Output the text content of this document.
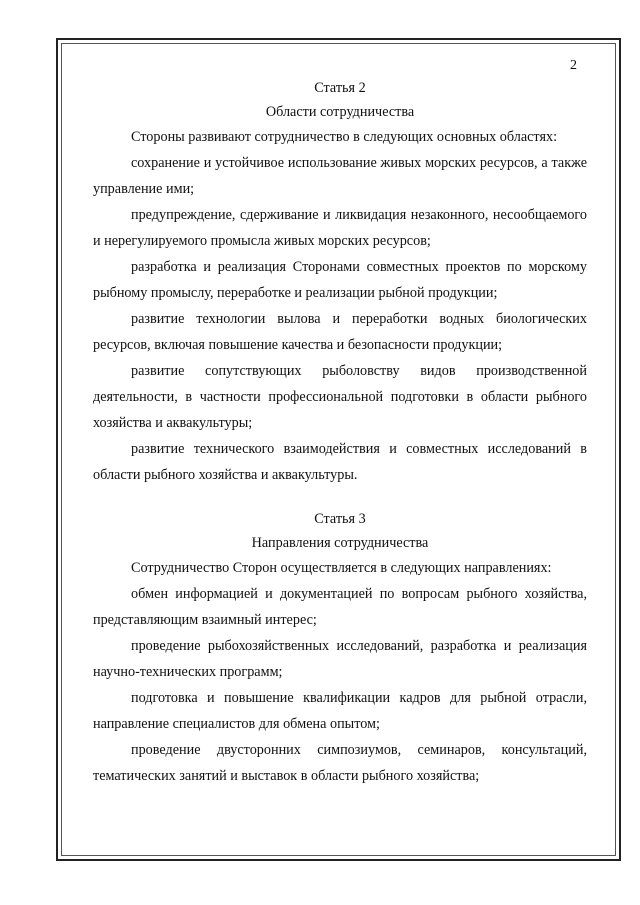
2

Статья 2

Области сотрудничества

Стороны развивают сотрудничество в следующих основных областях:

сохранение и устойчивое использование живых морских ресурсов, а также управление ими;

предупреждение, сдерживание и ликвидация незаконного, несообщаемого и нерегулируемого промысла живых морских ресурсов;

разработка и реализация Сторонами совместных проектов по морскому рыбному промыслу, переработке и реализации рыбной продукции;

развитие технологии вылова и переработки водных биологических ресурсов, включая повышение качества и безопасности продукции;

развитие сопутствующих рыболовству видов производственной деятельности, в частности профессиональной подготовки в области рыбного хозяйства и аквакультуры;

развитие технического взаимодействия и совместных исследований в области рыбного хозяйства и аквакультуры.

Статья 3

Направления сотрудничества

Сотрудничество Сторон осуществляется в следующих направлениях:

обмен информацией и документацией по вопросам рыбного хозяйства, представляющим взаимный интерес;

проведение рыбохозяйственных исследований, разработка и реализация научно-технических программ;

подготовка и повышение квалификации кадров для рыбной отрасли, направление специалистов для обмена опытом;

проведение двусторонних симпозиумов, семинаров, консультаций, тематических занятий и выставок в области рыбного хозяйства;
